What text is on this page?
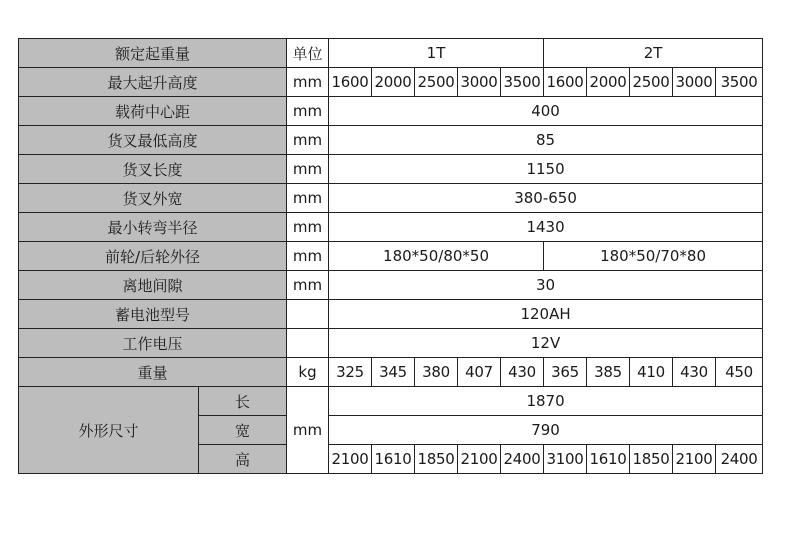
额定起重量		单位	1T					2T				
最大起升高度		mm	1600	2000	2500	3000	3500	1600	2000	2500	3000	3500
载荷中心距		mm	400									
货叉最低高度		mm	85									
货叉长度		mm	1150									
货叉外宽		mm	380-650									
最小转弯半径		mm	1430									
前轮/后轮外径		mm	180*50/80*50					180*50/70*80				
离地间隙		mm	30									
蓄电池型号			120AH									
工作电压			12V									
重量		kg	325	345	380	407	430	365	385	410	430	450
外形尺寸	长	mm	1870									
	宽		790									
	高		2100	1610	1850	2100	2400	3100	1610	1850	2100	2400
